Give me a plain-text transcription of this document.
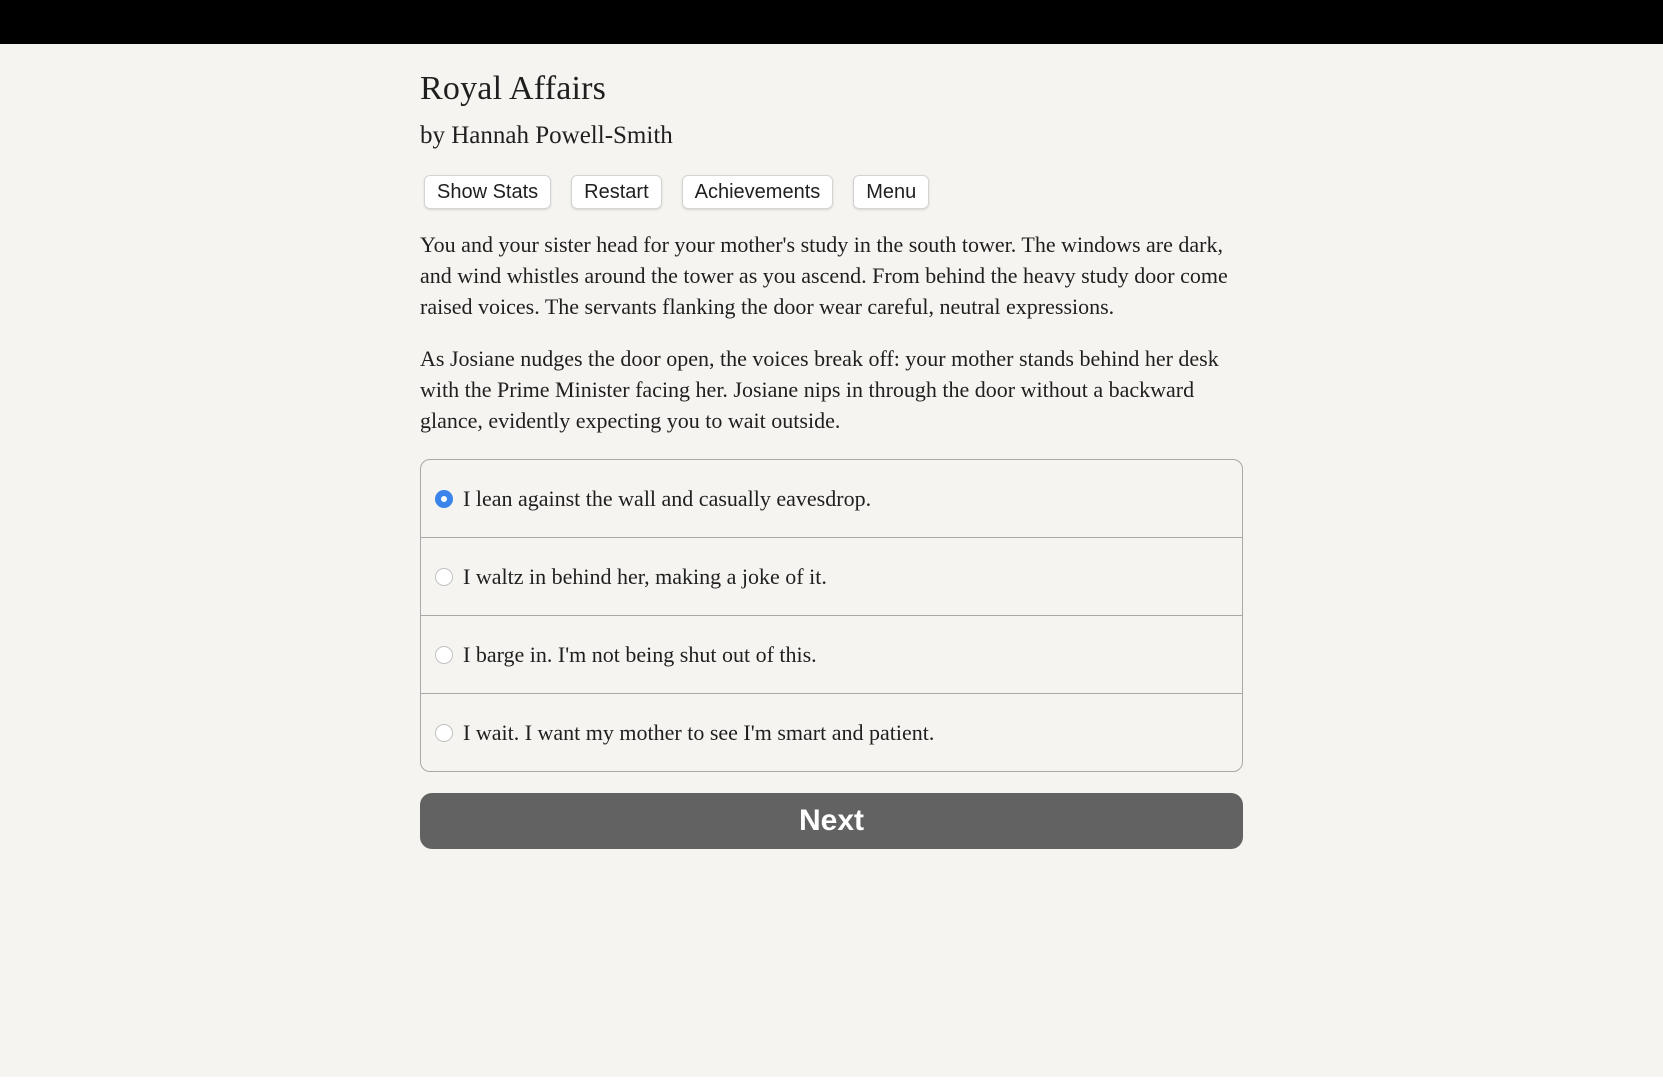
Royal Affairs
by Hannah Powell-Smith
Show Stats	Restart	Achievements	Menu

You and your sister head for your mother's study in the south tower. The windows are dark, and wind whistles around the tower as you ascend. From behind the heavy study door come raised voices. The servants flanking the door wear careful, neutral expressions.

As Josiane nudges the door open, the voices break off: your mother stands behind her desk with the Prime Minister facing her. Josiane nips in through the door without a backward glance, evidently expecting you to wait outside.

I lean against the wall and casually eavesdrop.
I waltz in behind her, making a joke of it.
I barge in. I'm not being shut out of this.
I wait. I want my mother to see I'm smart and patient.
Next
